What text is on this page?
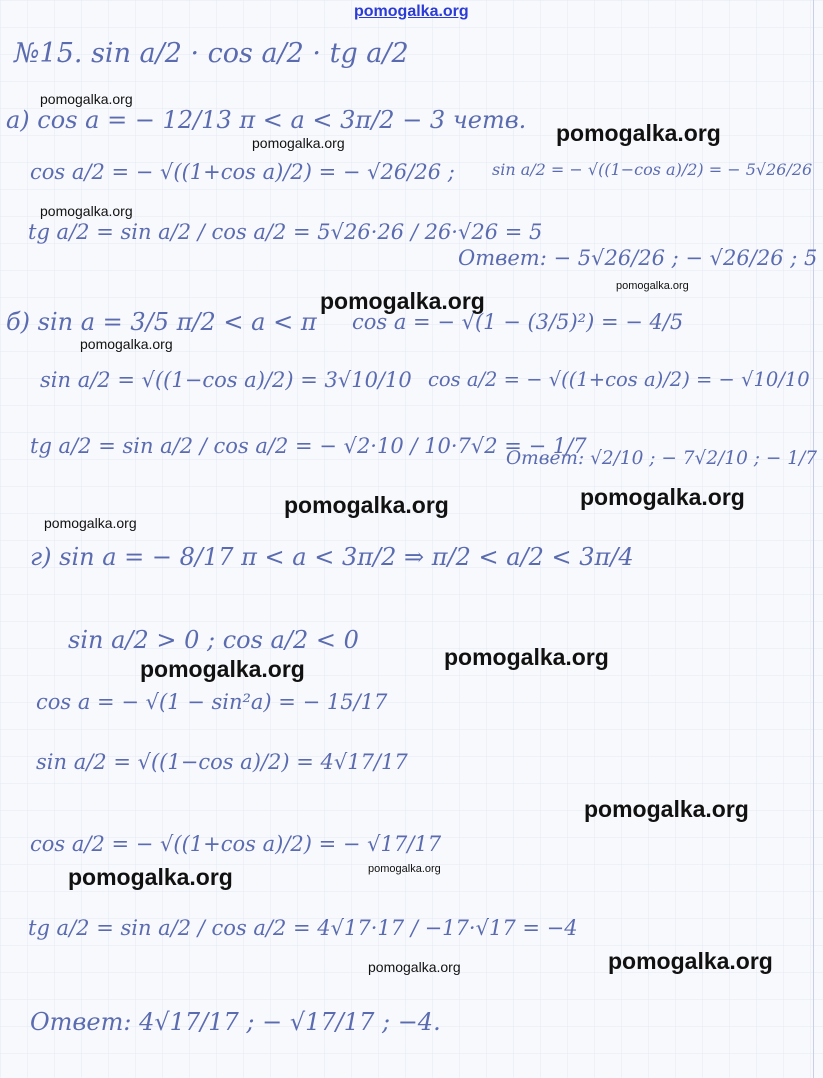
pomogalka.org
№15. sin a/2 · cos a/2 · tg a/2
а) cos a = − 12/13 π < a < 3π/2 − 3 четв.
cos a/2 = − √((1+cos a)/2) = − √26/26 ; sin a/2 = − √((1−cos a)/2) = − 5√26/26
tg a/2 = sin a/2 / cos a/2 = 5√26·26 / 26·√26 = 5
Ответ: − 5√26/26 ; − √26/26 ; 5
б) sin a = 3/5 π/2 < a < π cos a = − √(1 − (3/5)²) = − 4/5
sin a/2 = √((1−cos a)/2) = 3√10/10 cos a/2 = − √((1+cos a)/2) = − √10/10
tg a/2 = sin a/2 / cos a/2 = − √2·10 / 10·7√2 = − 1/7
Ответ: √2/10 ; − 7√2/10 ; − 1/7
г) sin a = − 8/17 π < a < 3π/2 ⇒ π/2 < a/2 < 3π/4
sin a/2 > 0 ; cos a/2 < 0
cos a = − √(1 − sin²a) = − 15/17
sin a/2 = √((1−cos a)/2) = 4√17/17
cos a/2 = − √((1+cos a)/2) = − √17/17
tg a/2 = sin a/2 / cos a/2 = 4√17·17 / −17·√17 = −4
Ответ: 4√17/17 ; − √17/17 ; −4.
pomogalka.org
pomogalka.org	pomogalka.org
pomogalka.org
pomogalka.org
pomogalka.org
pomogalka.org
pomogalka.org
pomogalka.org
pomogalka.org
pomogalka.org
pomogalka.org
pomogalka.org
pomogalka.org	pomogalka.org
pomogalka.org
pomogalka.org
